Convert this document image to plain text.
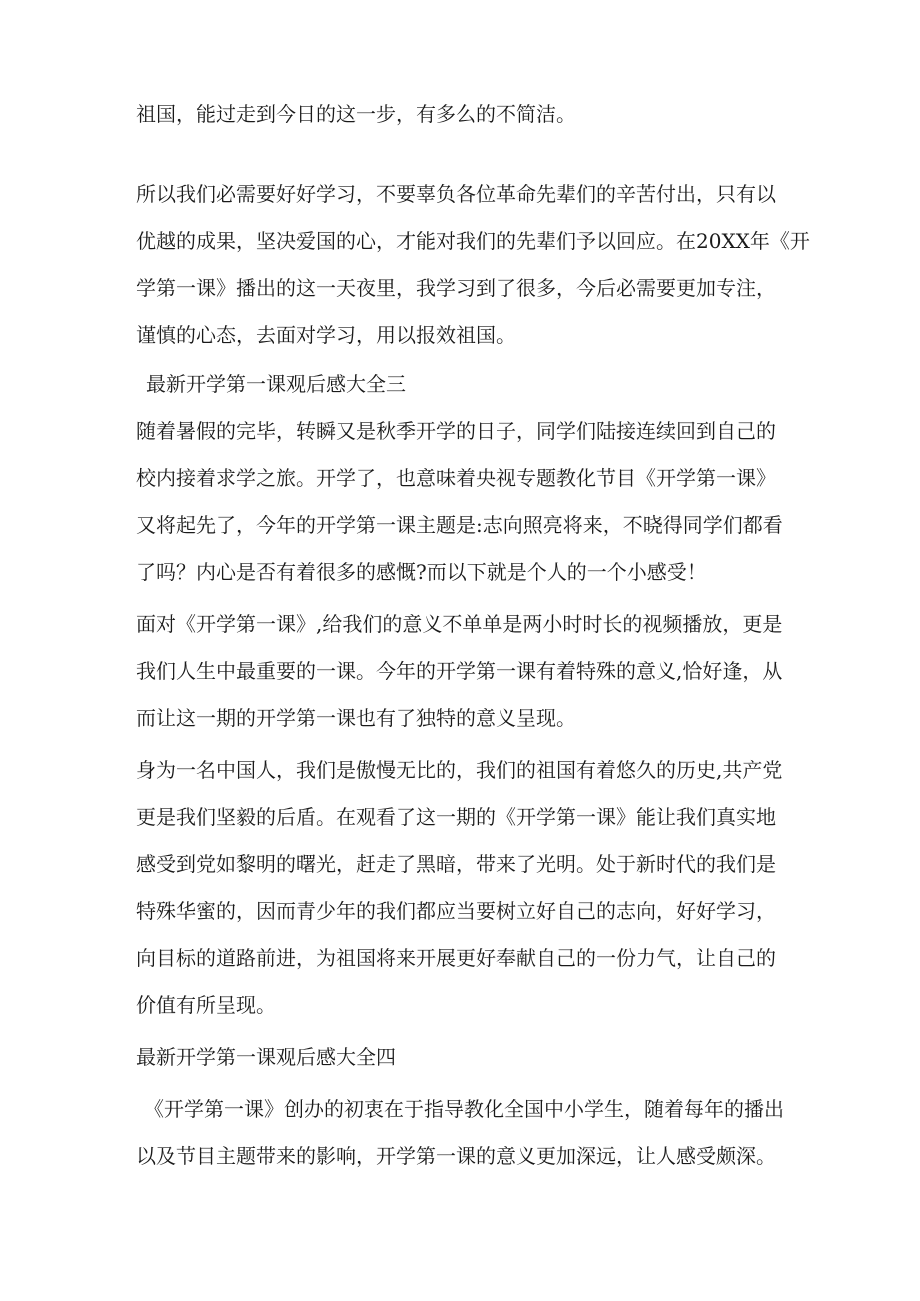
祖国，能过走到今日的这一步，有多么的不简洁。
所以我们必需要好好学习，不要辜负各位革命先辈们的辛苦付出，只有以
优越的成果，坚决爱国的心，才能对我们的先辈们予以回应。在20XX年《开
学第一课》播出的这一天夜里，我学习到了很多，今后必需要更加专注，
谨慎的心态，去面对学习，用以报效祖国。
最新开学第一课观后感大全三
随着暑假的完毕，转瞬又是秋季开学的日子，同学们陆接连续回到自己的
校内接着求学之旅。开学了，也意味着央视专题教化节目《开学第一课》
又将起先了，今年的开学第一课主题是:志向照亮将来，不晓得同学们都看
了吗？内心是否有着很多的感慨?而以下就是个人的一个小感受！
面对《开学第一课》,给我们的意义不单单是两小时时长的视频播放，更是
我们人生中最重要的一课。今年的开学第一课有着特殊的意义,恰好逢，从
而让这一期的开学第一课也有了独特的意义呈现。
身为一名中国人，我们是傲慢无比的，我们的祖国有着悠久的历史,共产党
更是我们坚毅的后盾。在观看了这一期的《开学第一课》能让我们真实地
感受到党如黎明的曙光，赶走了黑暗，带来了光明。处于新时代的我们是
特殊华蜜的，因而青少年的我们都应当要树立好自己的志向，好好学习，
向目标的道路前进，为祖国将来开展更好奉献自己的一份力气，让自己的
价值有所呈现。
最新开学第一课观后感大全四
《开学第一课》创办的初衷在于指导教化全国中小学生，随着每年的播出
以及节目主题带来的影响，开学第一课的意义更加深远，让人感受颇深。
